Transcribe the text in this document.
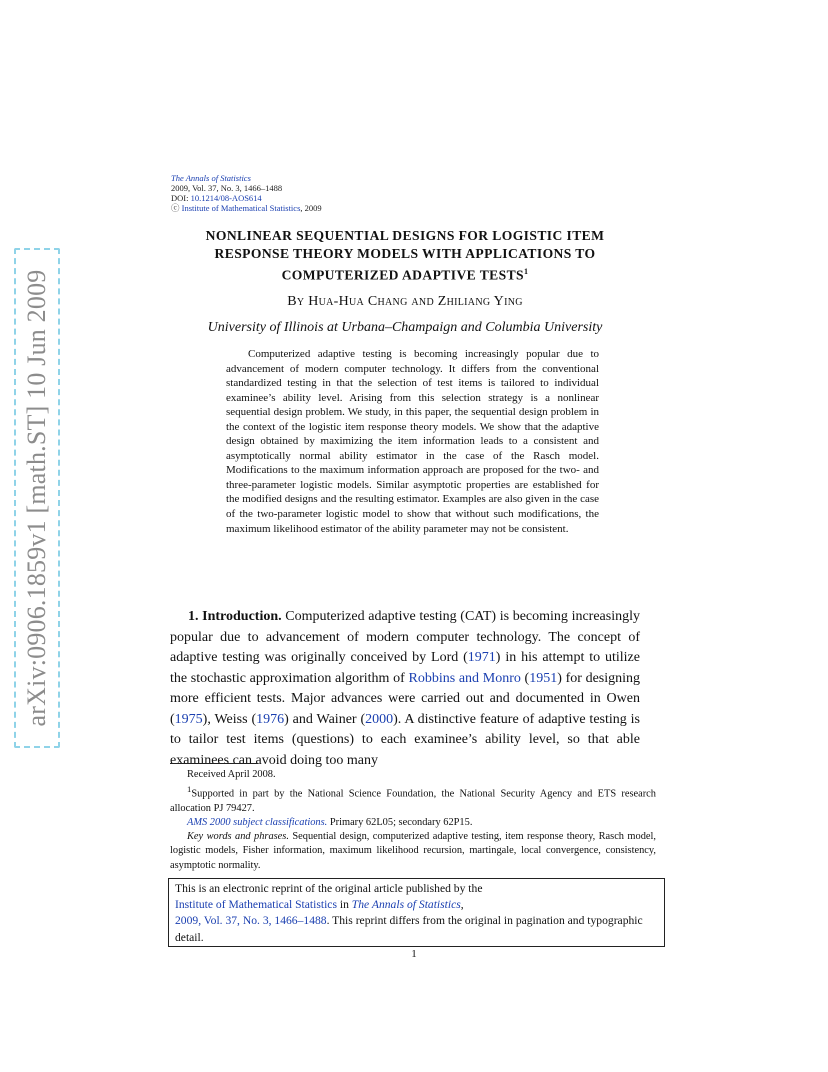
arXiv:0906.1859v1 [math.ST] 10 Jun 2009
The Annals of Statistics
2009, Vol. 37, No. 3, 1466–1488
DOI: 10.1214/08-AOS614
ⓒ Institute of Mathematical Statistics, 2009
NONLINEAR SEQUENTIAL DESIGNS FOR LOGISTIC ITEM
RESPONSE THEORY MODELS WITH APPLICATIONS TO
COMPUTERIZED ADAPTIVE TESTS$^1$
By Hua-Hua Chang and Zhiliang Ying
University of Illinois at Urbana–Champaign and Columbia University

Computerized adaptive testing is becoming increasingly popular due to advancement of modern computer technology. It differs from the conventional standardized testing in that the selection of test items is tailored to individual examinee’s ability level. Arising from this selection strategy is a nonlinear sequential design problem. We study, in this paper, the sequential design problem in the context of the logistic item response theory models. We show that the adaptive design obtained by maximizing the item information leads to a consistent and asymptotically normal ability estimator in the case of the Rasch model. Modifications to the maximum information approach are proposed for the two- and three-parameter logistic models. Similar asymptotic properties are established for the modified designs and the resulting estimator. Examples are also given in the case of the two-parameter logistic model to show that without such modifications, the maximum likelihood estimator of the ability parameter may not be consistent.

1. Introduction. Computerized adaptive testing (CAT) is becoming increasingly popular due to advancement of modern computer technology. The concept of adaptive testing was originally conceived by Lord (1971) in his attempt to utilize the stochastic approximation algorithm of Robbins and Monro (1951) for designing more efficient tests. Major advances were carried out and documented in Owen (1975), Weiss (1976) and Wainer (2000). A distinctive feature of adaptive testing is to tailor test items (questions) to each examinee’s ability level, so that able examinees can avoid doing too many

Received April 2008.

$^1$Supported in part by the National Science Foundation, the National Security Agency and ETS research allocation PJ 79427.

AMS 2000 subject classifications. Primary 62L05; secondary 62P15.

Key words and phrases. Sequential design, computerized adaptive testing, item response theory, Rasch model, logistic models, Fisher information, maximum likelihood recursion, martingale, local convergence, consistency, asymptotic normality.

This is an electronic reprint of the original article published by the
Institute of Mathematical Statistics in The Annals of Statistics,
2009, Vol. 37, No. 3, 1466–1488. This reprint differs from the original in pagination and typographic detail.
1
